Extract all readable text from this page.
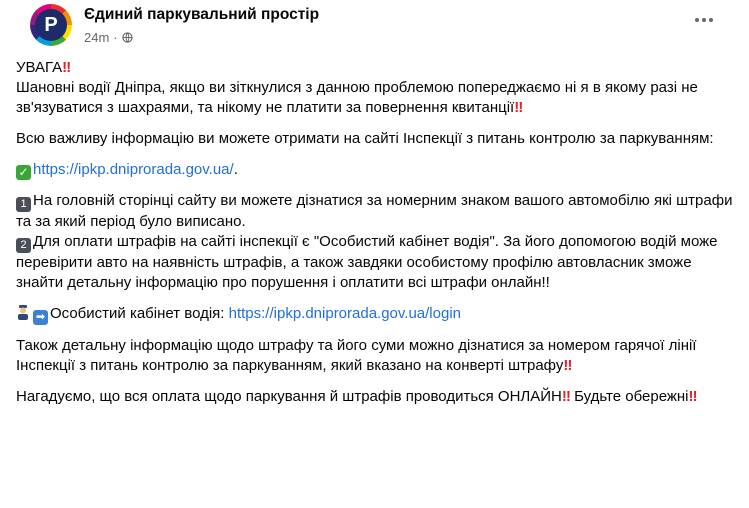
P	Єдиний паркувальний простір
24m ·
УВАГА‼
Шановні водії Дніпра, якщо ви зіткнулися з данною проблемою попереджаємо ні я в якому разі не
зв'язуватися з шахраями, та нікому не платити за повернення квитанції‼
Всю важливу інформацію ви можете отримати на сайті Інспекції з питань контролю за паркуванням:
✓ https://ipkp.dniprorada.gov.ua/.
1 На головній сторінці сайту ви можете дізнатися за номерним знаком вашого автомобілю які штрафи та за який період було виписано.
2 Для оплати штрафів на сайті інспекції є "Особистий кабінет водія". За його допомогою водій може перевірити авто на наявність штрафів, а також завдяки особистому профілю автовласник зможе знайти детальну інформацію про порушення і оплатити всі штрафи онлайн!!
➡ Особистий кабінет водія: https://ipkp.dniprorada.gov.ua/login
Також детальну інформацію щодо штрафу та його суми можно дізнатися за номером гарячої лінії Інспекції з питань контролю за паркуванням, який вказано на конверті штрафу‼
Нагадуємо, що вся оплата щодо паркування й штрафів проводиться ОНЛАЙН‼ Будьте обережні‼
